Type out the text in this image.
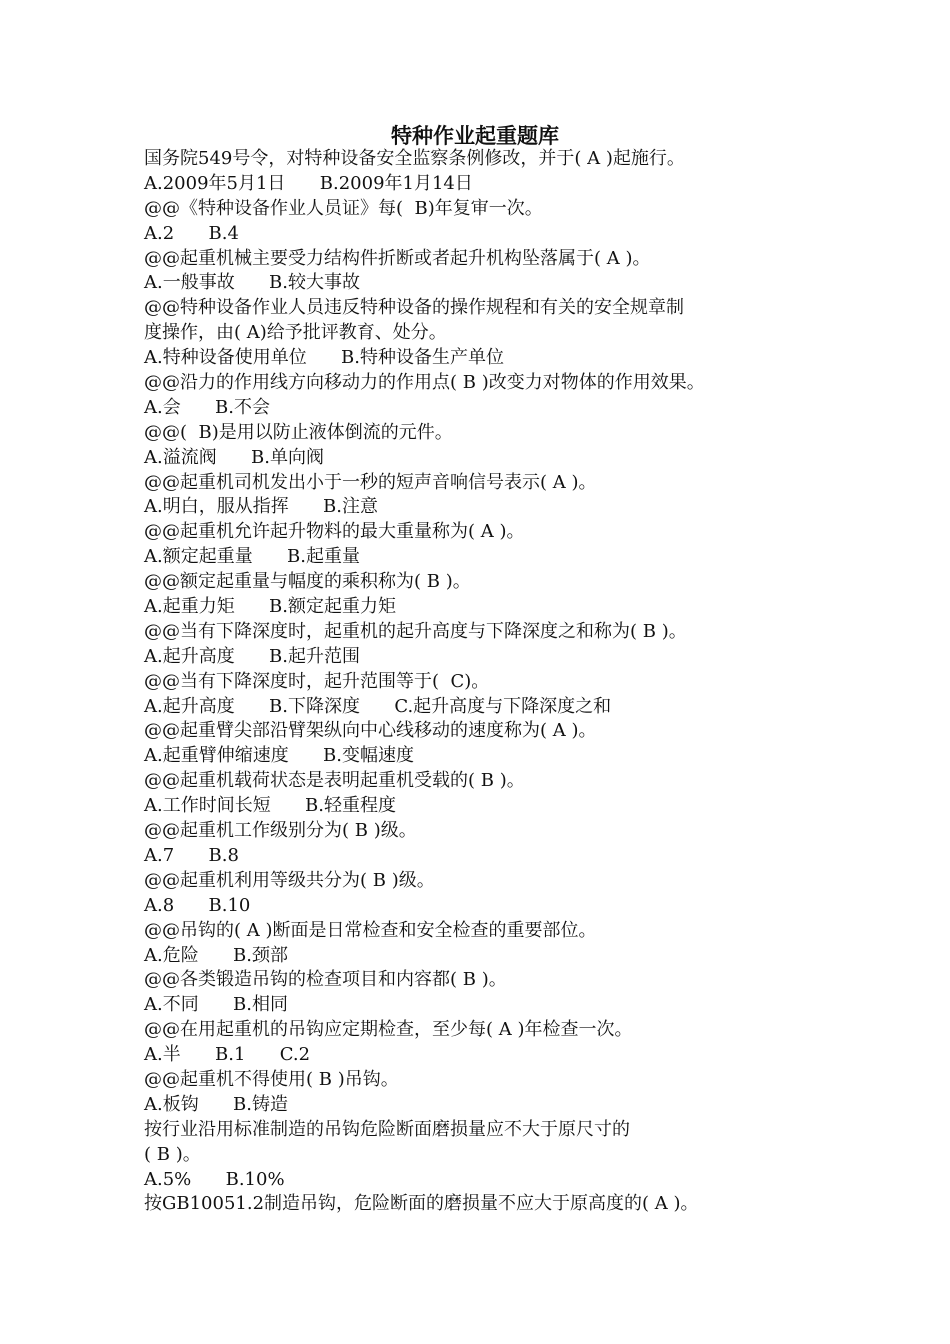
特种作业起重题库
国务院549号令，对特种设备安全监察条例修改，并于( A )起施行。
A.2009年5月1日      B.2009年1月14日
@@《特种设备作业人员证》每(  B)年复审一次。
A.2      B.4
@@起重机械主要受力结构件折断或者起升机构坠落属于( A )。
A.一般事故      B.较大事故
@@特种设备作业人员违反特种设备的操作规程和有关的安全规章制
度操作，由( A)给予批评教育、处分。
A.特种设备使用单位      B.特种设备生产单位
@@沿力的作用线方向移动力的作用点( B )改变力对物体的作用效果。
A.会      B.不会
@@(  B)是用以防止液体倒流的元件。
A.溢流阀      B.单向阀
@@起重机司机发出小于一秒的短声音响信号表示( A )。
A.明白，服从指挥      B.注意
@@起重机允许起升物料的最大重量称为( A )。
A.额定起重量      B.起重量
@@额定起重量与幅度的乘积称为( B )。
A.起重力矩      B.额定起重力矩
@@当有下降深度时，起重机的起升高度与下降深度之和称为( B )。
A.起升高度      B.起升范围
@@当有下降深度时，起升范围等于(  C)。
A.起升高度      B.下降深度      C.起升高度与下降深度之和
@@起重臂尖部沿臂架纵向中心线移动的速度称为( A )。
A.起重臂伸缩速度      B.变幅速度
@@起重机载荷状态是表明起重机受载的( B )。
A.工作时间长短      B.轻重程度
@@起重机工作级别分为( B )级。
A.7      B.8
@@起重机利用等级共分为( B )级。
A.8      B.10
@@吊钩的( A )断面是日常检查和安全检查的重要部位。
A.危险      B.颈部
@@各类锻造吊钩的检查项目和内容都( B )。
A.不同      B.相同
@@在用起重机的吊钩应定期检查，至少每( A )年检查一次。
A.半      B.1      C.2
@@起重机不得使用( B )吊钩。
A.板钩      B.铸造
按行业沿用标准制造的吊钩危险断面磨损量应不大于原尺寸的
( B )。
A.5%      B.10%
按GB10051.2制造吊钩，危险断面的磨损量不应大于原高度的( A )。
